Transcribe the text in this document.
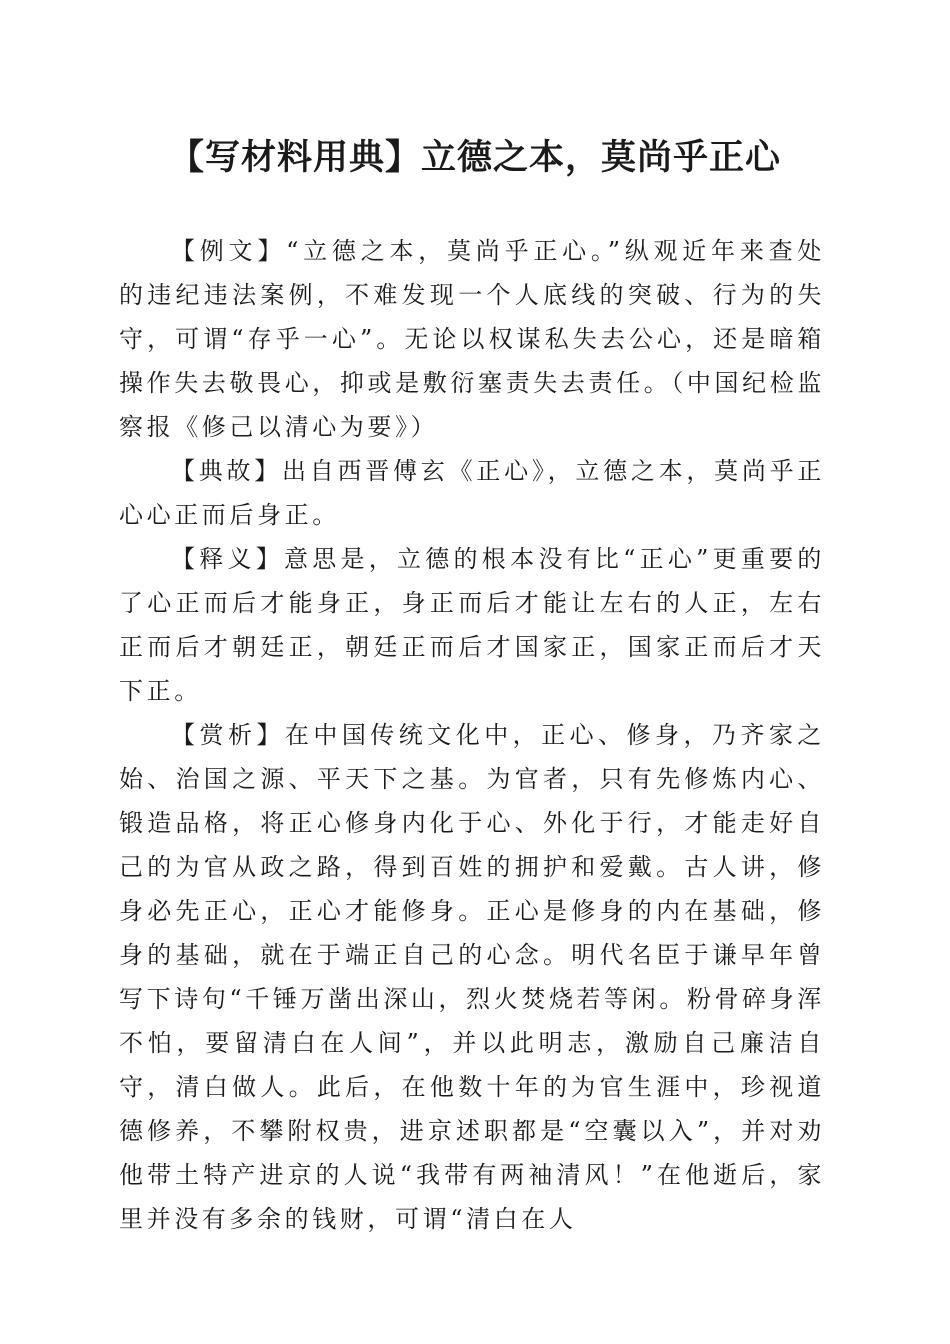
【写材料用典】立德之本，莫尚乎正心

【例文】“立德之本，莫尚乎正心。”纵观近年来查处的违纪违法案例，不难发现一个人底线的突破、行为的失守，可谓“存乎一心”。无论以权谋私失去公心，还是暗箱操作失去敬畏心，抑或是敷衍塞责失去责任。（中国纪检监察报《修己以清心为要》）

【典故】出自西晋傅玄《正心》，立德之本，莫尚乎正心心正而后身正。

【释义】意思是，立德的根本没有比“正心”更重要的了心正而后才能身正，身正而后才能让左右的人正，左右正而后才朝廷正，朝廷正而后才国家正，国家正而后才天下正。

【赏析】在中国传统文化中，正心、修身，乃齐家之始、治国之源、平天下之基。为官者，只有先修炼内心、锻造品格，将正心修身内化于心、外化于行，才能走好自己的为官从政之路，得到百姓的拥护和爱戴。古人讲，修身必先正心，正心才能修身。正心是修身的内在基础，修身的基础，就在于端正自己的心念。明代名臣于谦早年曾写下诗句“千锤万凿出深山，烈火焚烧若等闲。粉骨碎身浑不怕，要留清白在人间”，并以此明志，激励自己廉洁自守，清白做人。此后，在他数十年的为官生涯中，珍视道德修养，不攀附权贵，进京述职都是“空囊以入”，并对劝他带土特产进京的人说“我带有两袖清风！”在他逝后，家里并没有多余的钱财，可谓“清白在人
